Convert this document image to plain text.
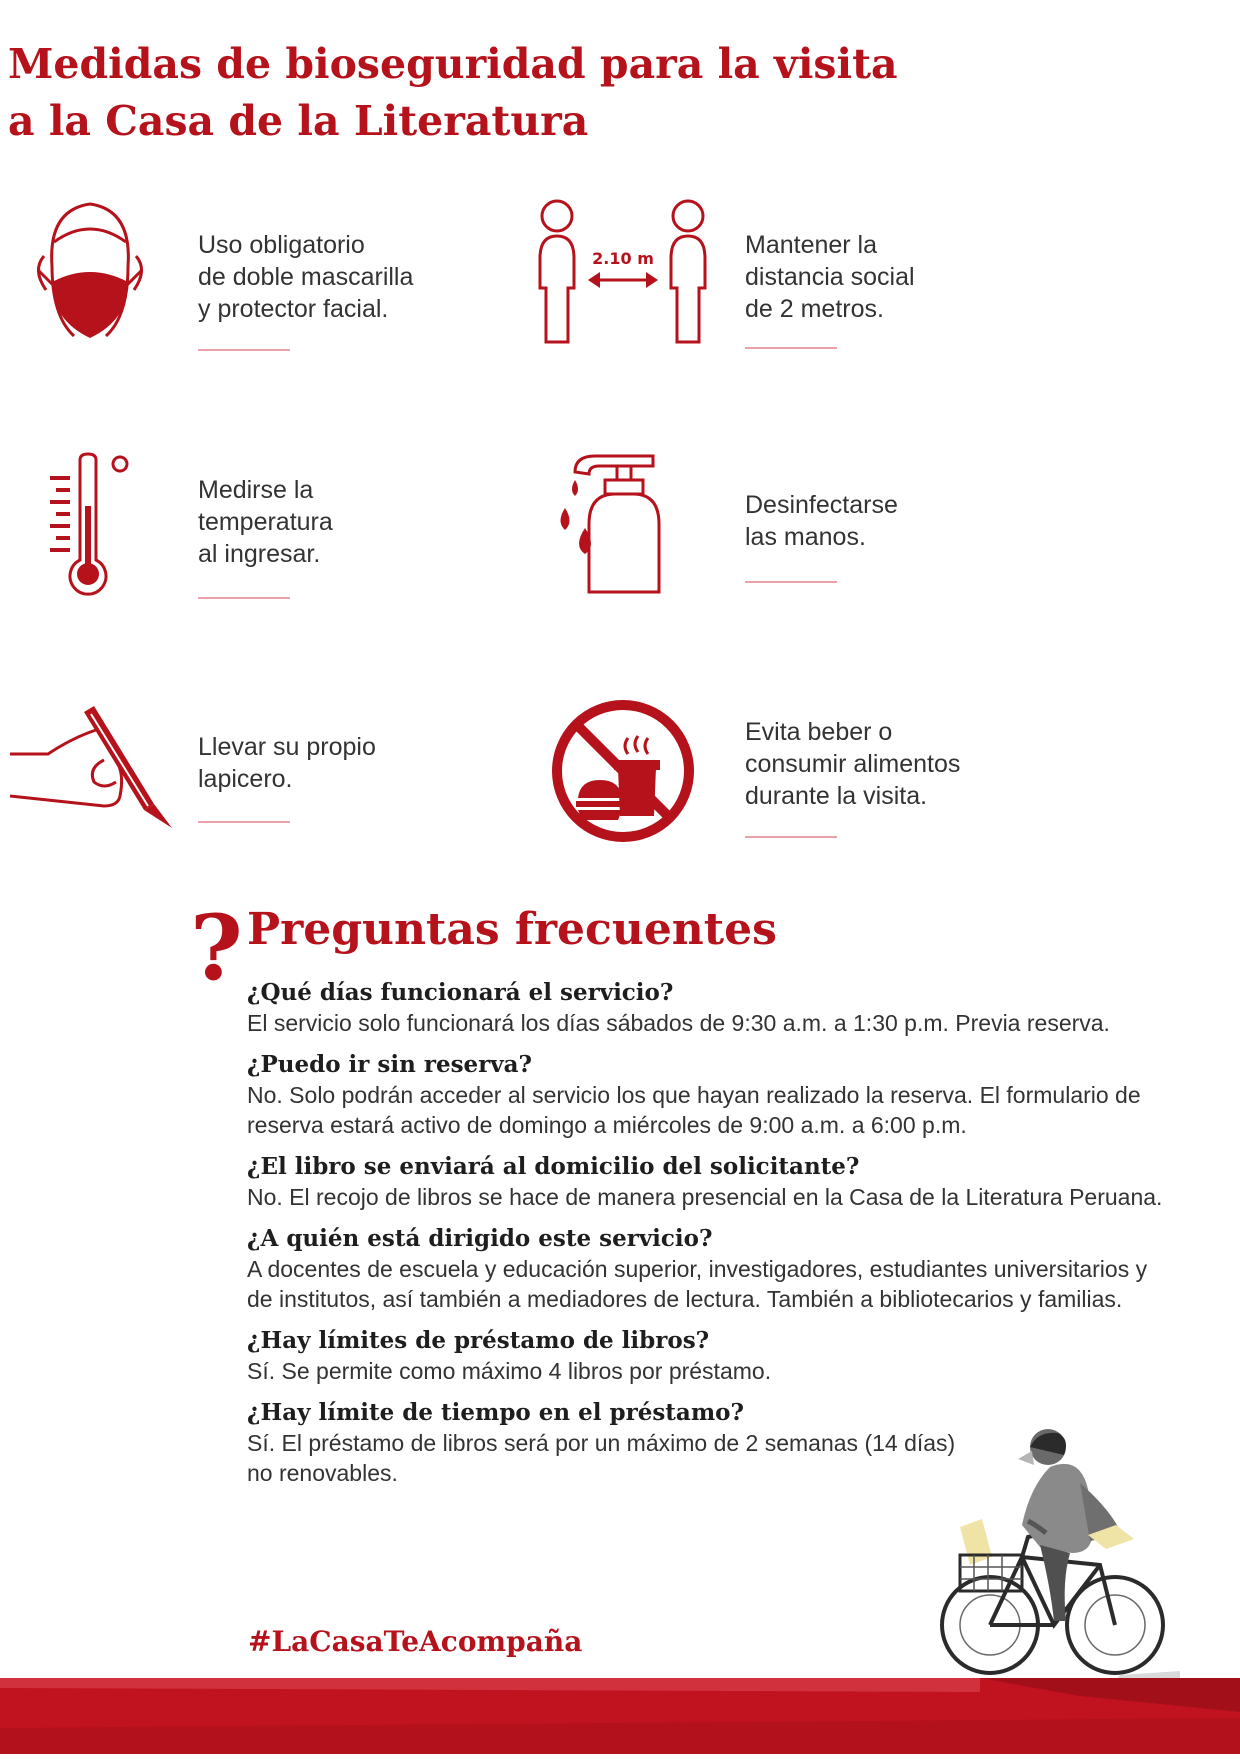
Medidas de bioseguridad para la visita
a la Casa de la Literatura
Uso obligatorio
de doble mascarilla
y protector facial.
2.10 m	Mantener la
distancia social
de 2 metros.
Medirse la
temperatura
al ingresar.
Desinfectarse
las manos.
Llevar su propio
lapicero.
Evita beber o
consumir alimentos
durante la visita.
? Preguntas frecuentes
¿Qué días funcionará el servicio?
El servicio solo funcionará los días sábados de 9:30 a.m. a 1:30 p.m. Previa reserva.
¿Puedo ir sin reserva?
No. Solo podrán acceder al servicio los que hayan realizado la reserva. El formulario de
reserva estará activo de domingo a miércoles de 9:00 a.m. a 6:00 p.m.
¿El libro se enviará al domicilio del solicitante?
No. El recojo de libros se hace de manera presencial en la Casa de la Literatura Peruana.
¿A quién está dirigido este servicio?
A docentes de escuela y educación superior, investigadores, estudiantes universitarios y
de institutos, así también a mediadores de lectura. También a bibliotecarios y familias.
¿Hay límites de préstamo de libros?
Sí. Se permite como máximo 4 libros por préstamo.
¿Hay límite de tiempo en el préstamo?
Sí. El préstamo de libros será por un máximo de 2 semanas (14 días)
no renovables.
#LaCasaTeAcompaña
